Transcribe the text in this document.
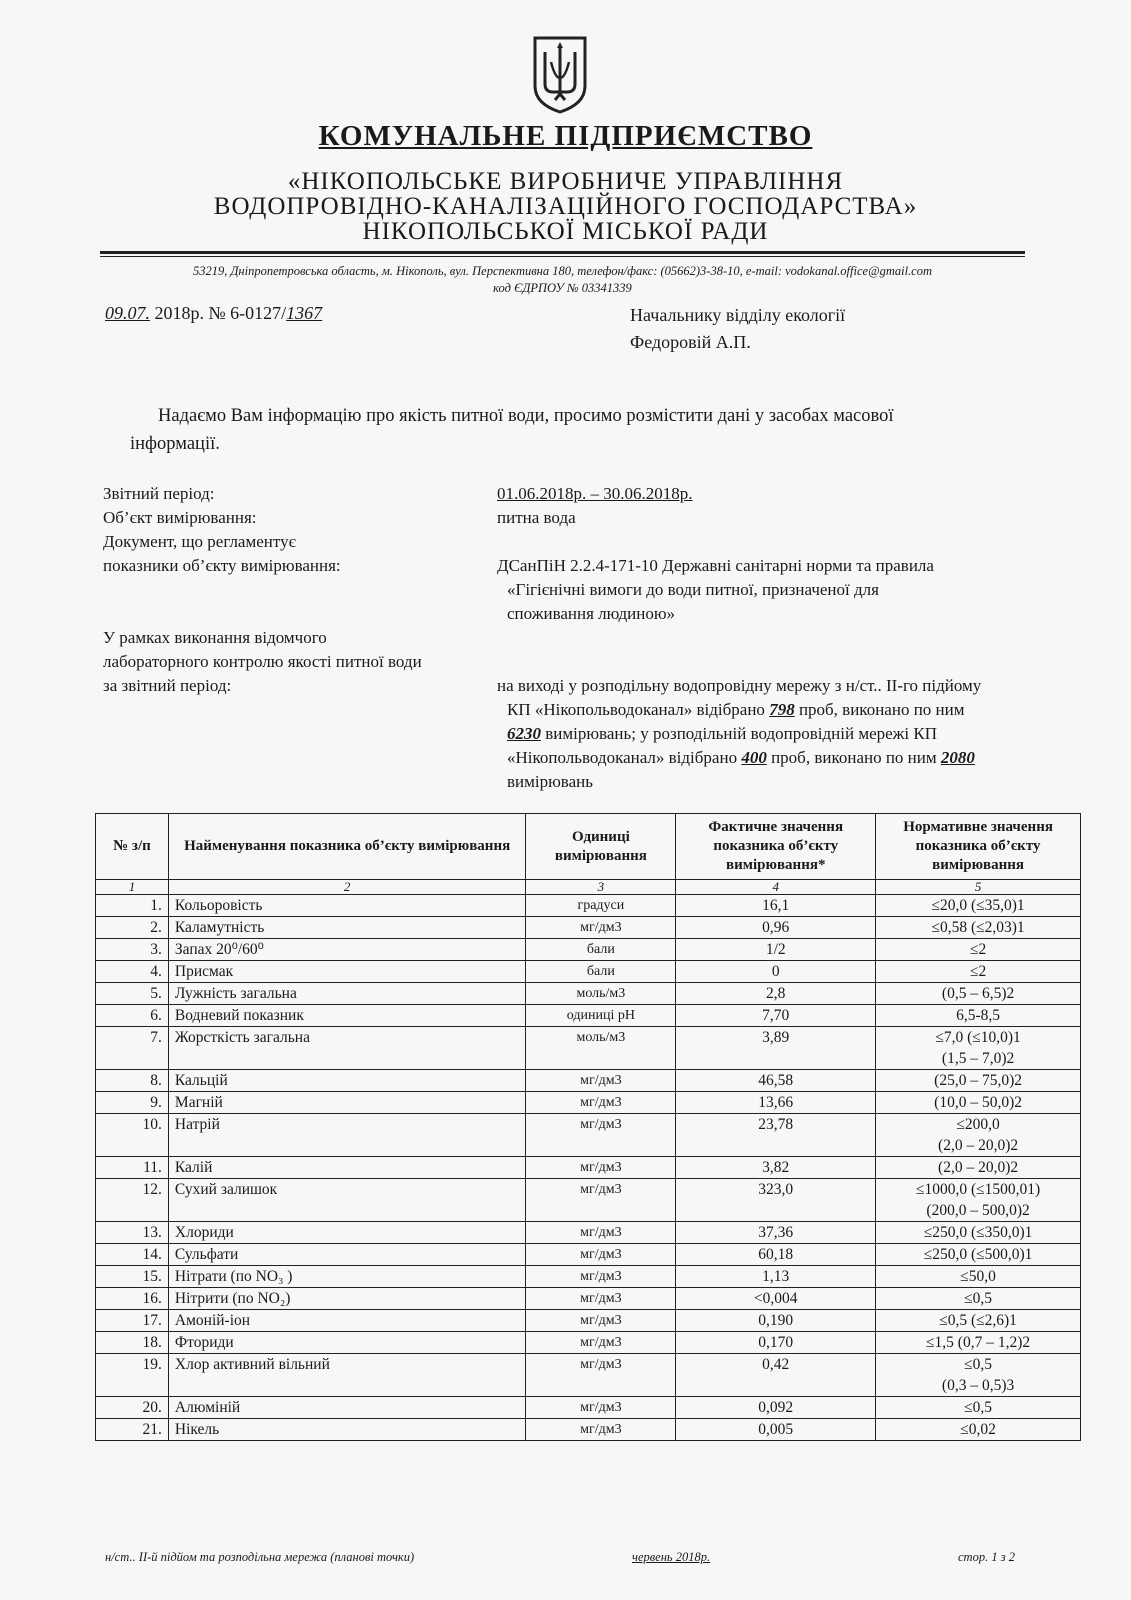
КОМУНАЛЬНЕ ПІДПРИЄМСТВО
«НІКОПОЛЬСЬКЕ ВИРОБНИЧЕ УПРАВЛІННЯ
ВОДОПРОВІДНО-КАНАЛІЗАЦІЙНОГО ГОСПОДАРСТВА»
НІКОПОЛЬСЬКОЇ МІСЬКОЇ РАДИ
53219, Дніпропетровська область, м. Нікополь, вул. Перспективна 180, телефон/факс: (05662)3-38-10, e-mail: vodokanal.office@gmail.com
код ЄДРПОУ № 03341339
09.07. 2018р. № 6-0127/1367	Начальнику відділу екології
Федоровій А.П.
Надаємо Вам інформацію про якість питної води, просимо розмістити дані у засобах масової
інформації.
Звітний період:	01.06.2018р. – 30.06.2018р.
Об’єкт вимірювання:	питна вода
Документ, що регламентує
показники об’єкту вимірювання:	ДСанПіН 2.2.4-171-10 Державні санітарні норми та правила
«Гігієнічні вимоги до води питної, призначеної для
споживання людиною»
У рамках виконання відомчого
лабораторного контролю якості питної води
за звітний період:	на виході у розподільну водопровідну мережу з н/ст.. ІІ-го підйому
КП «Нікопольводоканал» відібрано 798 проб, виконано по ним
6230 вимірювань; у розподільній водопровідній мережі КП
«Нікопольводоканал» відібрано 400 проб, виконано по ним 2080
вимірювань
№ з/п	Найменування показника об’єкту вимірювання	Одиниці вимірювання	Фактичне значення показника об’єкту вимірювання*	Нормативне значення показника об’єкту вимірювання
1	2	3	4	5
1.	Кольоровість	градуси	16,1	≤20,0 (≤35,0)1
2.	Каламутність	мг/дм3	0,96	≤0,58 (≤2,03)1
3.	Запах 20⁰/60⁰	бали	1/2	≤2
4.	Присмак	бали	0	≤2
5.	Лужність загальна	моль/м3	2,8	(0,5 – 6,5)2
6.	Водневий показник	одиниці рН	7,70	6,5-8,5
7.	Жорсткість загальна	моль/м3	3,89	≤7,0 (≤10,0)1
(1,5 – 7,0)2

8.	Кальцій	мг/дм3	46,58	(25,0 – 75,0)2
9.	Магній	мг/дм3	13,66	(10,0 – 50,0)2
10.	Натрій	мг/дм3	23,78	≤200,0
(2,0 – 20,0)2

11.	Калій	мг/дм3	3,82	(2,0 – 20,0)2
12.	Сухий залишок	мг/дм3	323,0	≤1000,0 (≤1500,01)
(200,0 – 500,0)2

13.	Хлориди	мг/дм3	37,36	≤250,0 (≤350,0)1
14.	Сульфати	мг/дм3	60,18	≤250,0 (≤500,0)1
15.	Нітрати (по NO₃ )	мг/дм3	1,13	≤50,0
16.	Нітрити (по NO₂)	мг/дм3	<0,004	≤0,5
17.	Амоній-іон	мг/дм3	0,190	≤0,5 (≤2,6)1
18.	Фториди	мг/дм3	0,170	≤1,5 (0,7 – 1,2)2
19.	Хлор активний вільний	мг/дм3	0,42	≤0,5
(0,3 – 0,5)3

20.	Алюміній	мг/дм3	0,092	≤0,5
21.	Нікель	мг/дм3	0,005	≤0,02
н/ст.. ІІ-й підйом та розподільна мережа (планові точки)	червень 2018р.	стор. 1 з 2
